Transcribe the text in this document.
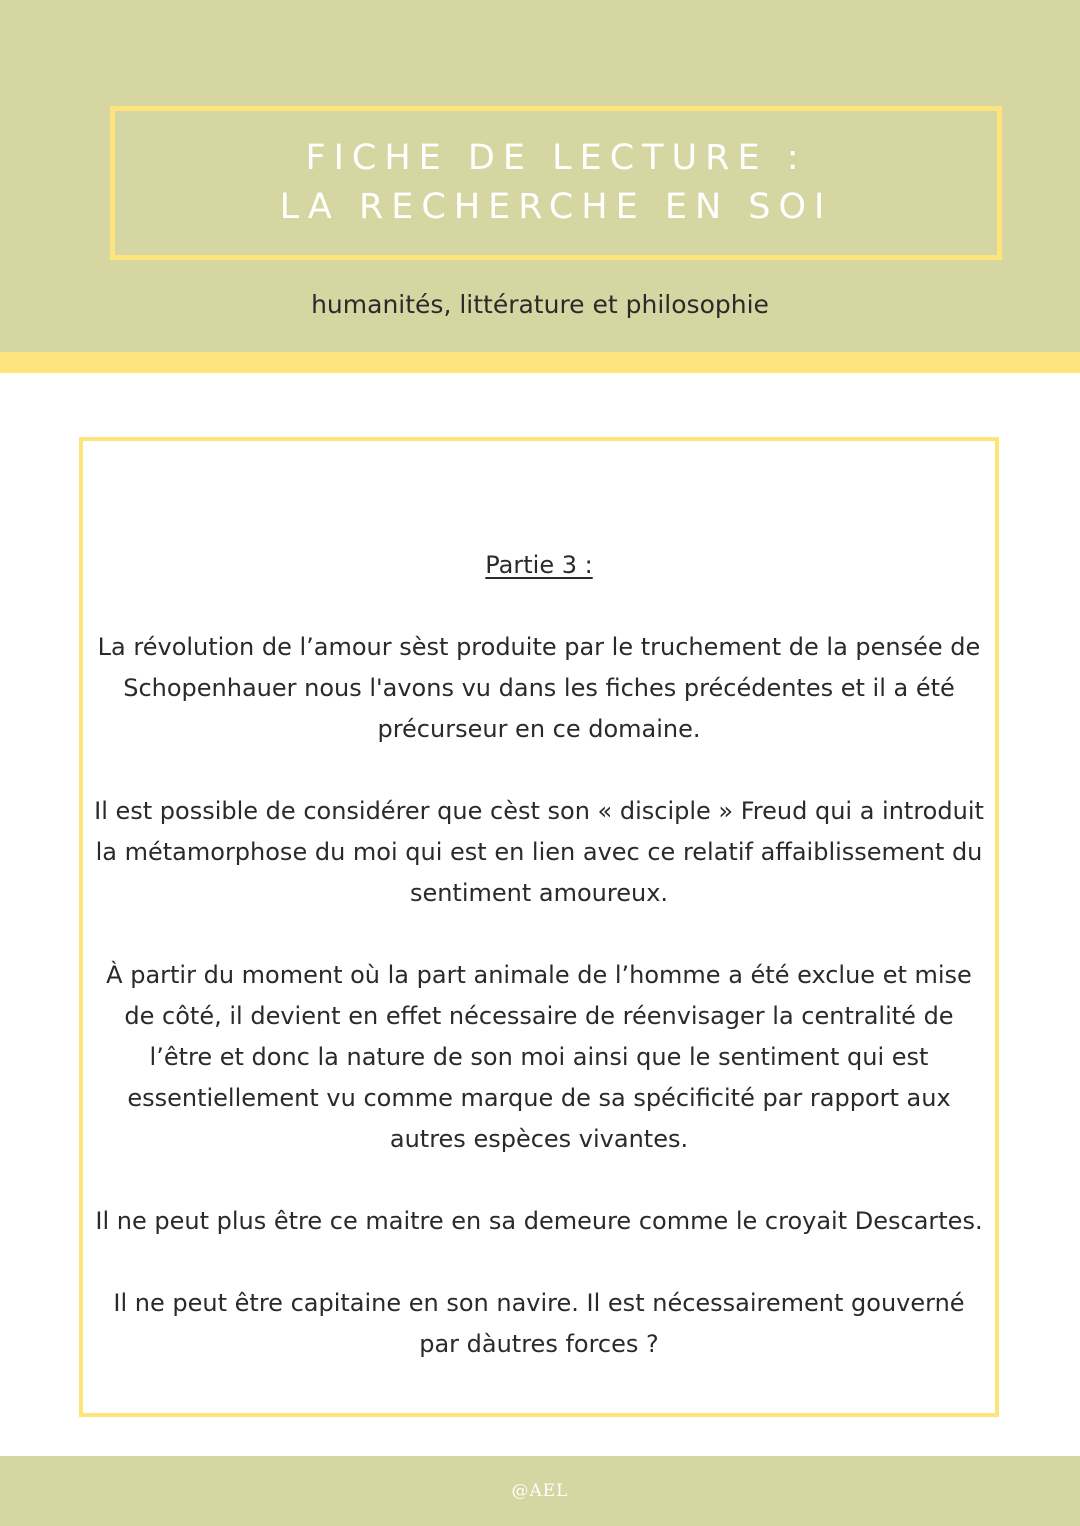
FICHE DE LECTURE :
LA RECHERCHE EN SOI
humanités, littérature et philosophie
Partie 3 :

La révolution de l’amour sèst produite par le truchement de la pensée de Schopenhauer nous l'avons vu dans les fiches précédentes et il a été précurseur en ce domaine.

Il est possible de considérer que cèst son « disciple » Freud qui a introduit la métamorphose du moi qui est en lien avec ce relatif affaiblissement du sentiment amoureux.

À partir du moment où la part animale de l’homme a été exclue et mise de côté, il devient en effet nécessaire de réenvisager la centralité de l’être et donc la nature de son moi ainsi que le sentiment qui est essentiellement vu comme marque de sa spécificité par rapport aux autres espèces vivantes.

Il ne peut plus être ce maitre en sa demeure comme le croyait Descartes.

Il ne peut être capitaine en son navire. Il est nécessairement gouverné par dàutres forces ?

@AEL
